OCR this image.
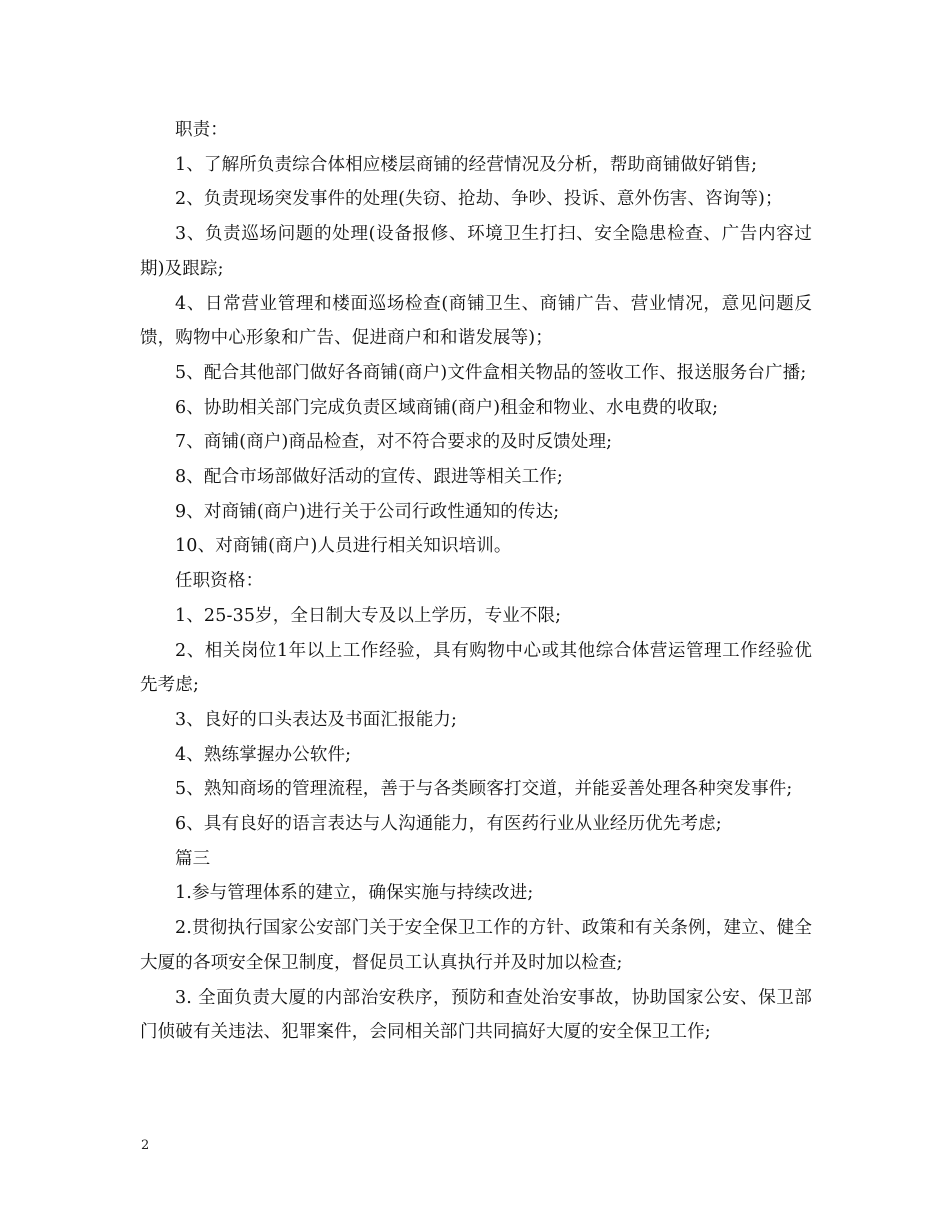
职责：

1、了解所负责综合体相应楼层商铺的经营情况及分析，帮助商铺做好销售;

2、负责现场突发事件的处理(失窃、抢劫、争吵、投诉、意外伤害、咨询等)；

3、负责巡场问题的处理(设备报修、环境卫生打扫、安全隐患检查、广告内容过期)及跟踪;

4、日常营业管理和楼面巡场检查(商铺卫生、商铺广告、营业情况，意见问题反馈，购物中心形象和广告、促进商户和和谐发展等)；

5、配合其他部门做好各商铺(商户)文件盒相关物品的签收工作、报送服务台广播;

6、协助相关部门完成负责区域商铺(商户)租金和物业、水电费的收取;

7、商铺(商户)商品检查，对不符合要求的及时反馈处理;

8、配合市场部做好活动的宣传、跟进等相关工作;

9、对商铺(商户)进行关于公司行政性通知的传达;

10、对商铺(商户)人员进行相关知识培训。

任职资格：

1、25-35岁，全日制大专及以上学历，专业不限;

2、相关岗位1年以上工作经验，具有购物中心或其他综合体营运管理工作经验优先考虑;

3、良好的口头表达及书面汇报能力;

4、熟练掌握办公软件;

5、熟知商场的管理流程，善于与各类顾客打交道，并能妥善处理各种突发事件;

6、具有良好的语言表达与人沟通能力，有医药行业从业经历优先考虑;

篇三

1.参与管理体系的建立，确保实施与持续改进;

2.贯彻执行国家公安部门关于安全保卫工作的方针、政策和有关条例，建立、健全大厦的各项安全保卫制度，督促员工认真执行并及时加以检查;

3. 全面负责大厦的内部治安秩序，预防和查处治安事故，协助国家公安、保卫部门侦破有关违法、犯罪案件，会同相关部门共同搞好大厦的安全保卫工作;

2
